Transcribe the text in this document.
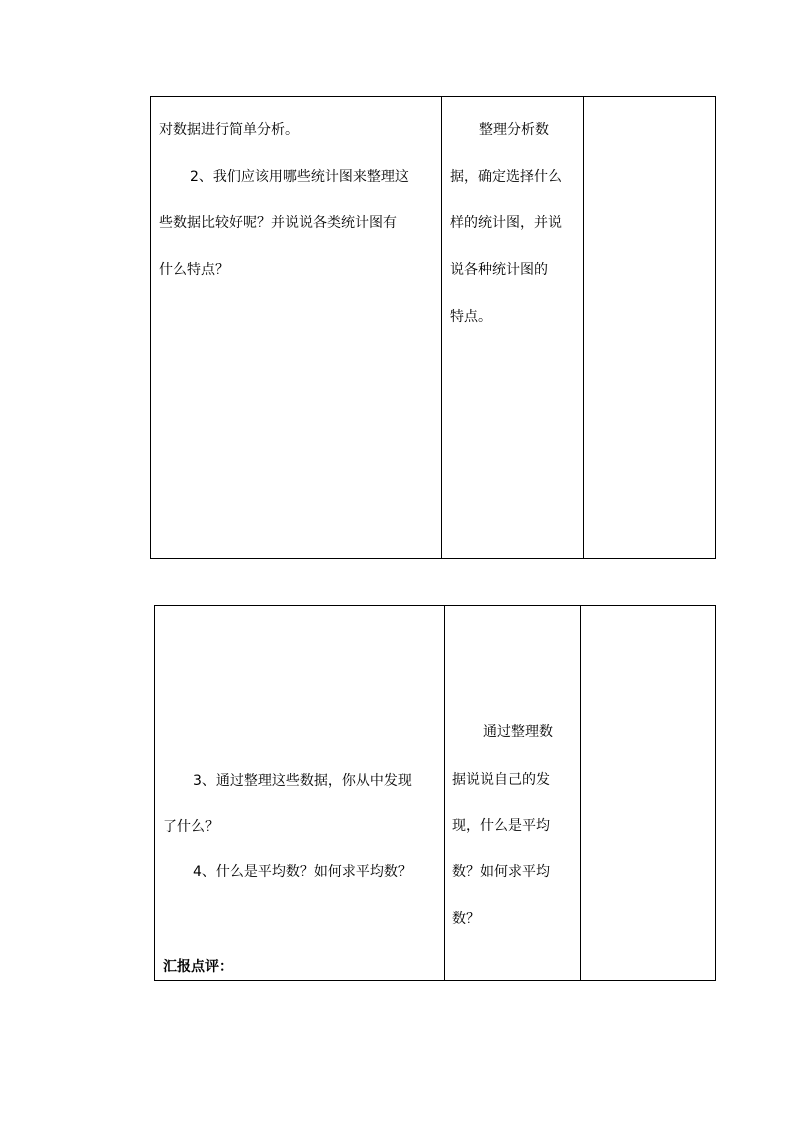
对数据进行简单分析。
2、我们应该用哪些统计图来整理这
些数据比较好呢？并说说各类统计图有
什么特点？
整理分析数
据，确定选择什么
样的统计图，并说
说各种统计图的
特点。
3、通过整理这些数据，你从中发现
了什么？
4、什么是平均数？如何求平均数？
汇报点评：
通过整理数
据说说自己的发
现，什么是平均
数？如何求平均
数？
